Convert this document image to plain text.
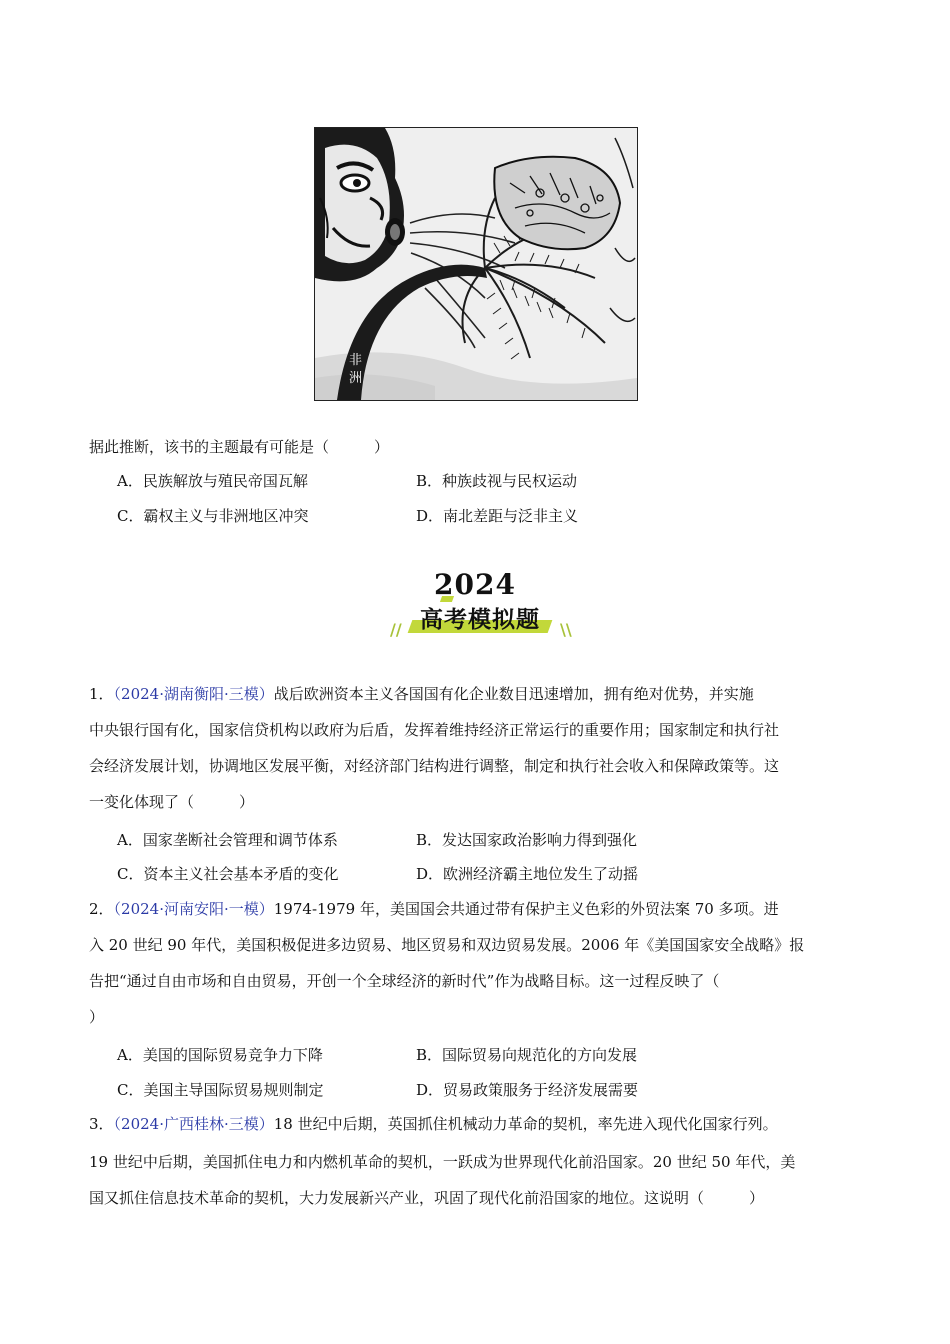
非洲
据此推断，该书的主题最有可能是（　　　）
A．民族解放与殖民帝国瓦解	B．种族歧视与民权运动
C．霸权主义与非洲地区冲突	D．南北差距与泛非主义
2024
// 高考模拟题	\\
1．（2024·湖南衡阳·三模）战后欧洲资本主义各国国有化企业数目迅速增加，拥有绝对优势，并实施
中央银行国有化，国家信贷机构以政府为后盾，发挥着维持经济正常运行的重要作用；国家制定和执行社
会经济发展计划，协调地区发展平衡，对经济部门结构进行调整，制定和执行社会收入和保障政策等。这
一变化体现了（　　　）
A．国家垄断社会管理和调节体系	B．发达国家政治影响力得到强化
C．资本主义社会基本矛盾的变化	D．欧洲经济霸主地位发生了动摇
2．（2024·河南安阳·一模）1974-1979 年，美国国会共通过带有保护主义色彩的外贸法案 70 多项。进
入 20 世纪 90 年代，美国积极促进多边贸易、地区贸易和双边贸易发展。2006 年《美国国家安全战略》报
告把“通过自由市场和自由贸易，开创一个全球经济的新时代”作为战略目标。这一过程反映了（
）
A．美国的国际贸易竞争力下降	B．国际贸易向规范化的方向发展
C．美国主导国际贸易规则制定	D．贸易政策服务于经济发展需要
3．（2024·广西桂林·三模）18 世纪中后期，英国抓住机械动力革命的契机，率先进入现代化国家行列。
19 世纪中后期，美国抓住电力和内燃机革命的契机，一跃成为世界现代化前沿国家。20 世纪 50 年代，美
国又抓住信息技术革命的契机，大力发展新兴产业，巩固了现代化前沿国家的地位。这说明（　　　）
